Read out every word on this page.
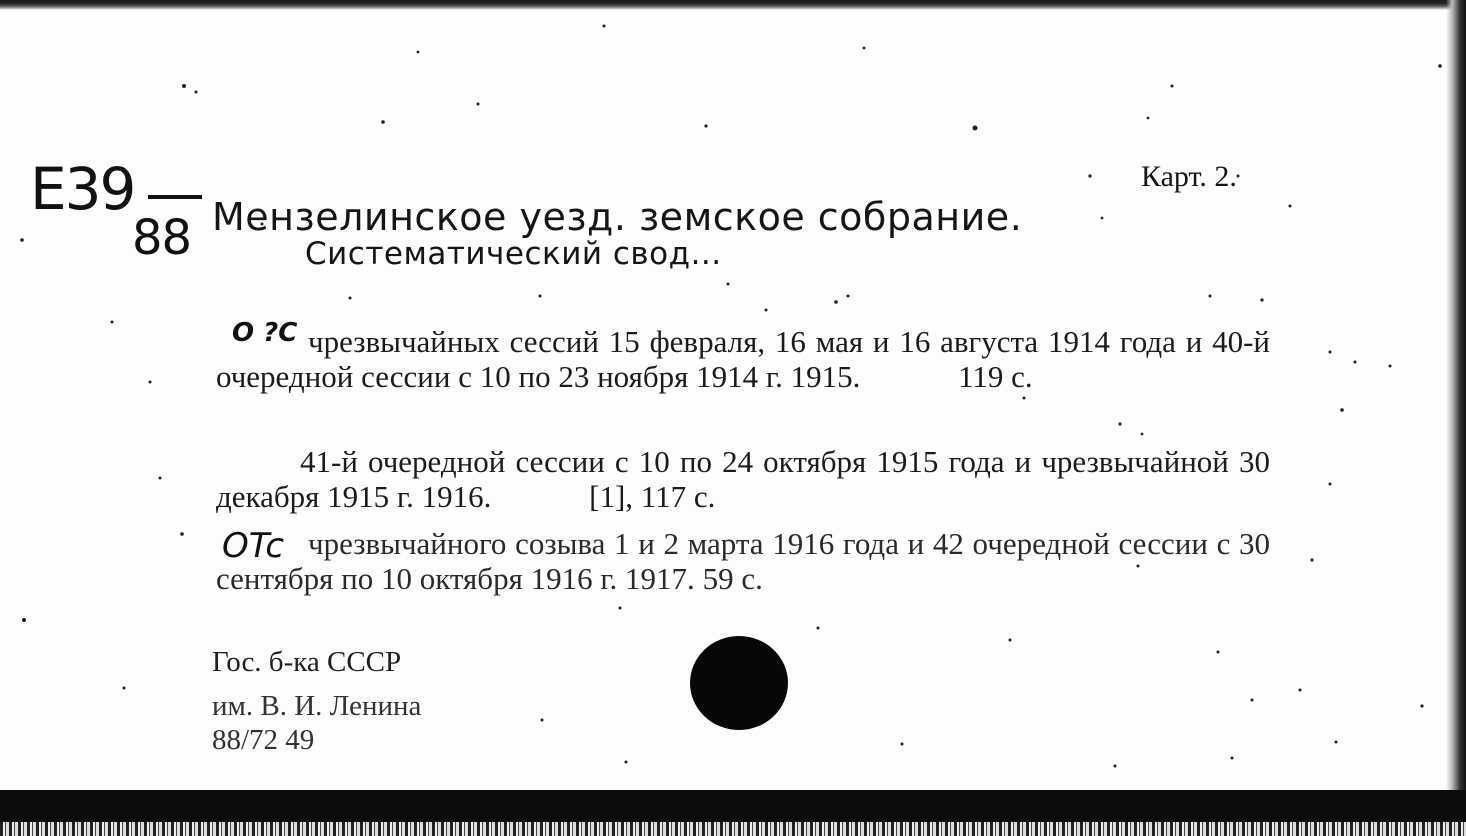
E39
88
Карт. 2.
Мензелинское уезд. земское собрание.
Систематический свод...
O ?C чрезвычайных сессий 15 февраля, 16 мая и 16 августа 1914 года и 40-й очередной сессии с 10 по 23 ноября 1914 г. 1915.	119 с.
41-й очередной сессии с 10 по 24 октября 1915 года и чрезвычайной 30 декабря 1915 г. 1916.	[1], 117 с.
OTc чрезвычайного созыва 1 и 2 марта 1916 года и 42 очередной сессии с 30 сентября по 10 октября 1916 г. 1917. 59 с.
Гос. б-ка СССР
им. В. И. Ленина
88/72 49
